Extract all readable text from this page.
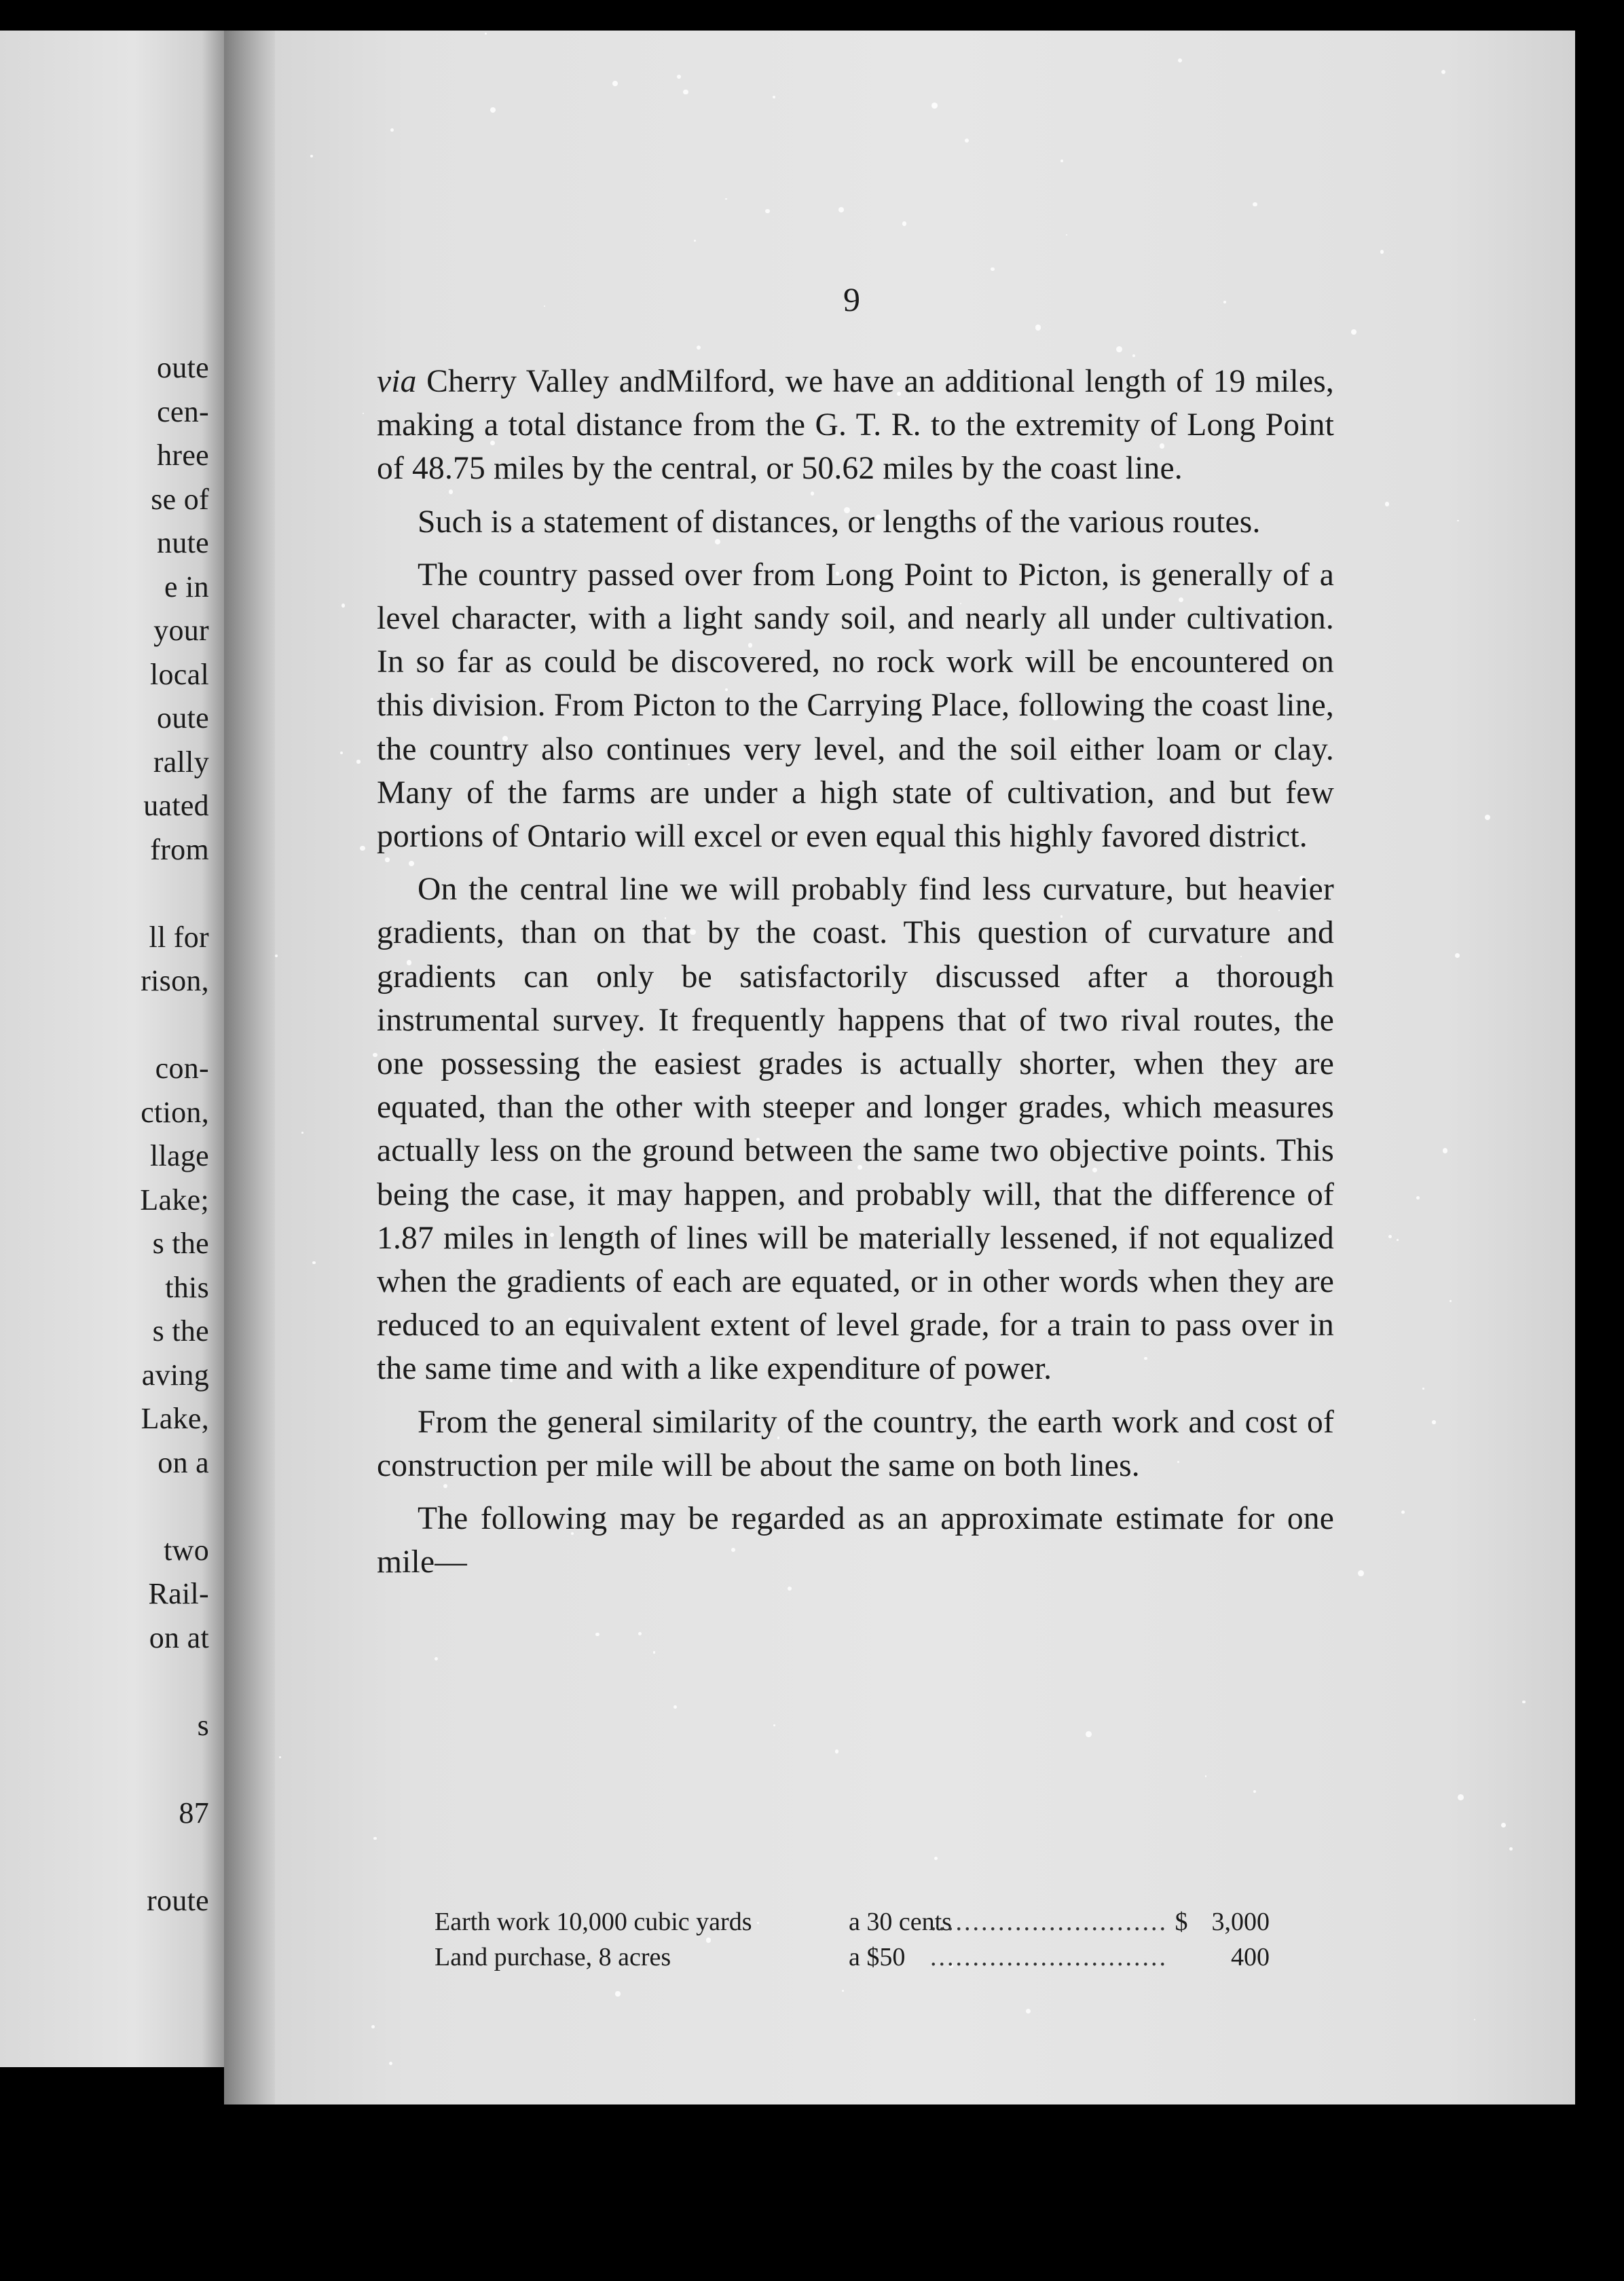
oute
cen-
hree
se of
nute
e in
your
local
oute
rally
uated
from
ll for
rison,
con-
ction,
llage
Lake;
s the
this
s the
aving
Lake,
on a
two
Rail-
on at
s
87
route
9

via Cherry Valley andMilford, we have an additional length of 19 miles, making a total distance from the G. T. R. to the extremity of Long Point of 48.75 miles by the central, or 50.62 miles by the coast line.

Such is a statement of distances, or lengths of the various routes.

The country passed over from Long Point to Picton, is generally of a level character, with a light sandy soil, and nearly all under cultivation. In so far as could be discovered, no rock work will be encountered on this division. From Picton to the Carrying Place, following the coast line, the country also continues very level, and the soil either loam or clay. Many of the farms are under a high state of cultivation, and but few portions of Ontario will excel or even equal this highly favored district.

On the central line we will probably find less curvature, but heavier gradients, than on that by the coast. This question of curvature and gradients can only be satisfactorily discussed after a thorough instrumental survey. It frequently happens that of two rival routes, the one possessing the easiest grades is actually shorter, when they are equated, than the other with steeper and longer grades, which measures actually less on the ground between the same two objective points. This being the case, it may happen, and probably will, that the difference of 1.87 miles in length of lines will be materially lessened, if not equalized when the gradients of each are equated, or in other words when they are reduced to an equivalent extent of level grade, for a train to pass over in the same time and with a like expenditure of power.

From the general similarity of the country, the earth work and cost of construction per mile will be about the same on both lines.

The following may be regarded as an approximate estimate for one mile—

Earth work 10,000 cubic yards	a 30 cents .....	$ 3,000
Land purchase, 8 acres	a $50 .....	400
